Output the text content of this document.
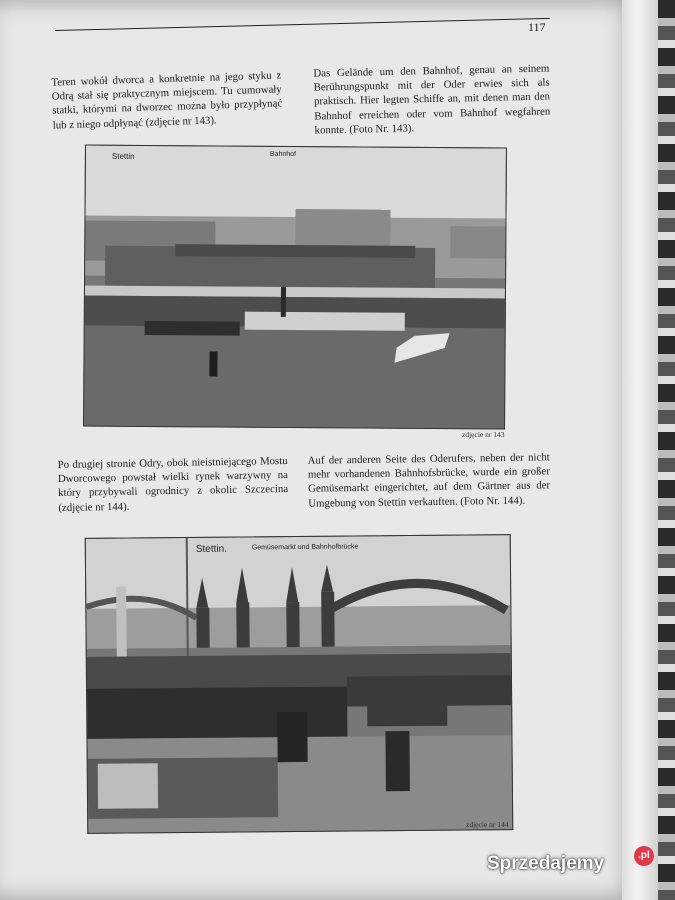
117
Teren wokół dworca a konkretnie na jego styku z Odrą stał się praktycznym miejscem. Tu cumowały statki, którymi na dworzec można było przypłynąć lub z niego odpłynąć (zdjęcie nr 143).
Das Gelände um den Bahnhof, genau an seinem Berührungspunkt mit der Oder erwies sich als praktisch. Hier legten Schiffe an, mit denen man den Bahnhof erreichen oder vom Bahnhof wegfahren konnte. (Foto Nr. 143).
Stettin	Bahnhof
zdjęcie nr 143
Po drugiej stronie Odry, obok nieistniejącego Mostu Dworcowego powstał wielki rynek warzywny na który przybywali ogrodnicy z okolic Szczecina (zdjęcie nr 144).
Auf der anderen Seite des Oderufers, neben der nicht mehr vorhandenen Bahnhofsbrücke, wurde ein großer Gemüsemarkt eingerichtet, auf dem Gärtner aus der Umgebung von Stettin verkauften. (Foto Nr. 144).
Stettin.	Gemüsemarkt und Bahnhofbrücke
zdjęcie nr 144
Sprzedajemy	.pl
